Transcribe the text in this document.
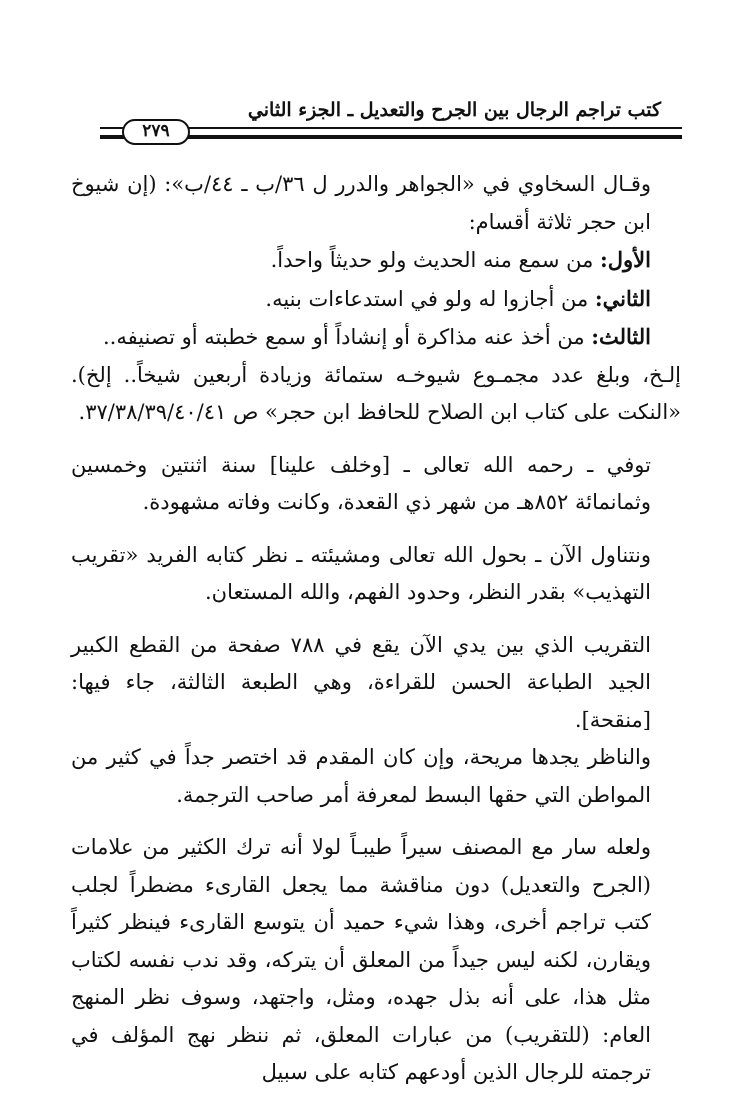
كتب تراجم الرجال بين الجرح والتعديل ـ الجزء الثاني
٢٧٩

وقـال السخاوي في «الجواهر والدرر ل ٣٦/ب ـ ٤٤/ب»: (إن شيوخ ابن حجر ثلاثة أقسام:

الأول: من سمع منه الحديث ولو حديثاً واحداً.

الثاني: من أجازوا له ولو في استدعاءات بنيه.

الثالث: من أخذ عنه مذاكرة أو إنشاداً أو سمع خطبته أو تصنيفه..

إلـخ، وبلغ عدد مجمـوع شيوخـه ستمائة وزيادة أربعين شيخاً.. إلخ). «النكت على كتاب ابن الصلاح للحافظ ابن حجر» ص ٣٧/٣٨/٣٩/٤٠/٤١.

توفي ـ رحمه الله تعالى ـ [وخلف علينا] سنة اثنتين وخمسين وثمانمائة ٨٥٢هـ من شهر ذي القعدة، وكانت وفاته مشهودة.

ونتناول الآن ـ بحول الله تعالى ومشيئته ـ نظر كتابه الفريد «تقريب التهذيب» بقدر النظر، وحدود الفهم، والله المستعان.

التقريب الذي بين يدي الآن يقع في ٧٨٨ صفحة من القطع الكبير الجيد الطباعة الحسن للقراءة، وهي الطبعة الثالثة، جاء فيها: [منقحة].

والناظر يجدها مريحة، وإن كان المقدم قد اختصر جداً في كثير من المواطن التي حقها البسط لمعرفة أمر صاحب الترجمة.

ولعله سار مع المصنف سيراً طيبـاً لولا أنه ترك الكثير من علامات (الجرح والتعديل) دون مناقشة مما يجعل القارىء مضطراً لجلب كتب تراجم أخرى، وهذا شيء حميد أن يتوسع القارىء فينظر كثيراً ويقارن، لكنه ليس جيداً من المعلق أن يتركه، وقد ندب نفسه لكتاب مثل هذا، على أنه بذل جهده، ومثل، واجتهد، وسوف نظر المنهج العام: (للتقريب) من عبارات المعلق، ثم ننظر نهج المؤلف في ترجمته للرجال الذين أودعهم كتابه على سبيل
